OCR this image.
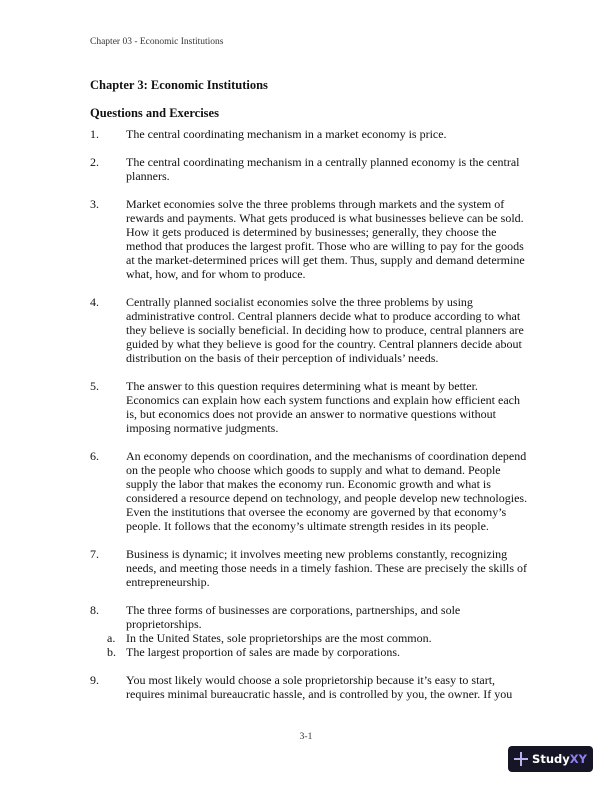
Chapter 03 - Economic Institutions
Chapter 3: Economic Institutions
Questions and Exercises
1. The central coordinating mechanism in a market economy is price.
2. The central coordinating mechanism in a centrally planned economy is the central planners.
3. Market economies solve the three problems through markets and the system of rewards and payments. What gets produced is what businesses believe can be sold. How it gets produced is determined by businesses; generally, they choose the method that produces the largest profit. Those who are willing to pay for the goods at the market-determined prices will get them. Thus, supply and demand determine what, how, and for whom to produce.
4. Centrally planned socialist economies solve the three problems by using administrative control. Central planners decide what to produce according to what they believe is socially beneficial. In deciding how to produce, central planners are guided by what they believe is good for the country. Central planners decide about distribution on the basis of their perception of individuals’ needs.
5. The answer to this question requires determining what is meant by better. Economics can explain how each system functions and explain how efficient each is, but economics does not provide an answer to normative questions without imposing normative judgments.
6. An economy depends on coordination, and the mechanisms of coordination depend on the people who choose which goods to supply and what to demand. People supply the labor that makes the economy run. Economic growth and what is considered a resource depend on technology, and people develop new technologies. Even the institutions that oversee the economy are governed by that economy’s people. It follows that the economy’s ultimate strength resides in its people.
7. Business is dynamic; it involves meeting new problems constantly, recognizing needs, and meeting those needs in a timely fashion. These are precisely the skills of entrepreneurship.
8. The three forms of businesses are corporations, partnerships, and sole proprietorships.
a. In the United States, sole proprietorships are the most common.
b. The largest proportion of sales are made by corporations.
9. You most likely would choose a sole proprietorship because it’s easy to start, requires minimal bureaucratic hassle, and is controlled by you, the owner. If you
3-1
StudyXY
